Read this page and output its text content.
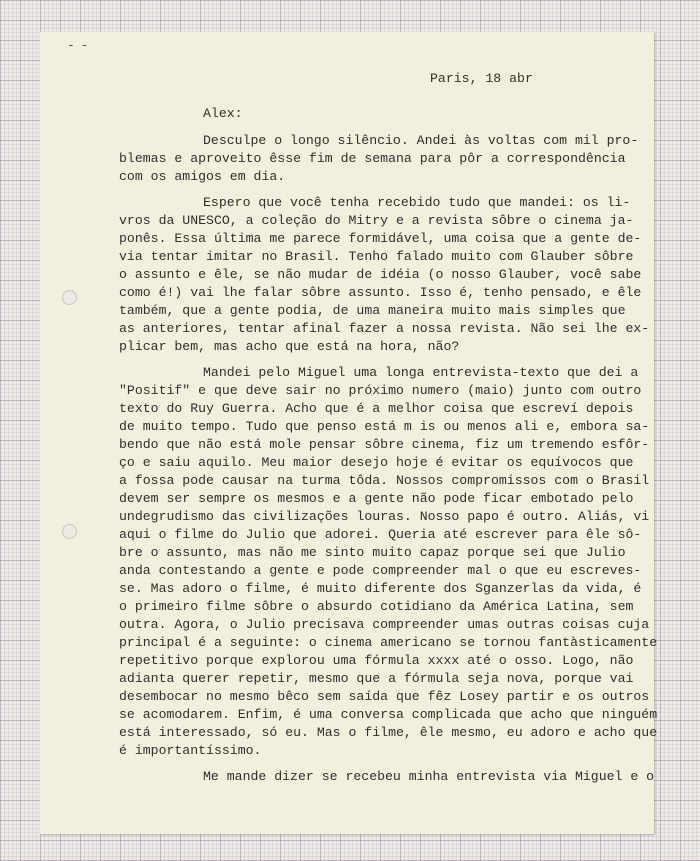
- -
Paris, 18 abr
Alex:
Desculpe o longo silêncio. Andei às voltas com mil pro-
blemas e aproveito êsse fim de semana para pôr a correspondência
com os amigos em dia.
Espero que você tenha recebido tudo que mandei: os li-
vros da UNESCO, a coleção do Mitry e a revista sôbre o cinema ja-
ponês. Essa última me parece formidável, uma coisa que a gente de-
via tentar imitar no Brasil. Tenho falado muito com Glauber sôbre
o assunto e êle, se não mudar de idéia (o nosso Glauber, você sabe
como é!) vai lhe falar sôbre assunto. Isso é, tenho pensado, e êle
também, que a gente podia, de uma maneira muito mais simples que
as anteriores, tentar afinal fazer a nossa revista. Não sei lhe ex-
plicar bem, mas acho que está na hora, não?
Mandei pelo Miguel uma longa entrevista-texto que dei a
"Positif" e que deve sair no próximo numero (maio) junto com outro
texto do Ruy Guerra. Acho que é a melhor coisa que escreví depois
de muito tempo. Tudo que penso está m is ou menos ali e, embora sa-
bendo que não está mole pensar sôbre cinema, fiz um tremendo esfôr-
ço e saiu aquilo. Meu maior desejo hoje é evitar os equívocos que
a fossa pode causar na turma tôda. Nossos compromissos com o Brasil
devem ser sempre os mesmos e a gente não pode ficar embotado pelo
undegrudismo das civilizações louras. Nosso papo é outro. Aliás, vi
aqui o filme do Julio que adorei. Queria até escrever para êle sô-
bre o assunto, mas não me sinto muito capaz porque sei que Julio
anda contestando a gente e pode compreender mal o que eu escreves-
se. Mas adoro o filme, é muito diferente dos Sganzerlas da vida, é
o primeiro filme sôbre o absurdo cotidiano da América Latina, sem
outra. Agora, o Julio precisava compreender umas outras coisas cuja
principal é a seguinte: o cinema americano se tornou fantàsticamente
repetitivo porque explorou uma fórmula xxxx até o osso. Logo, não
adianta querer repetir, mesmo que a fórmula seja nova, porque vai
desembocar no mesmo bêco sem saída que fêz Losey partir e os outros
se acomodarem. Enfim, é uma conversa complicada que acho que ninguém
está interessado, só eu. Mas o filme, êle mesmo, eu adoro e acho que
é importantíssimo.
Me mande dizer se recebeu minha entrevista via Miguel e o
